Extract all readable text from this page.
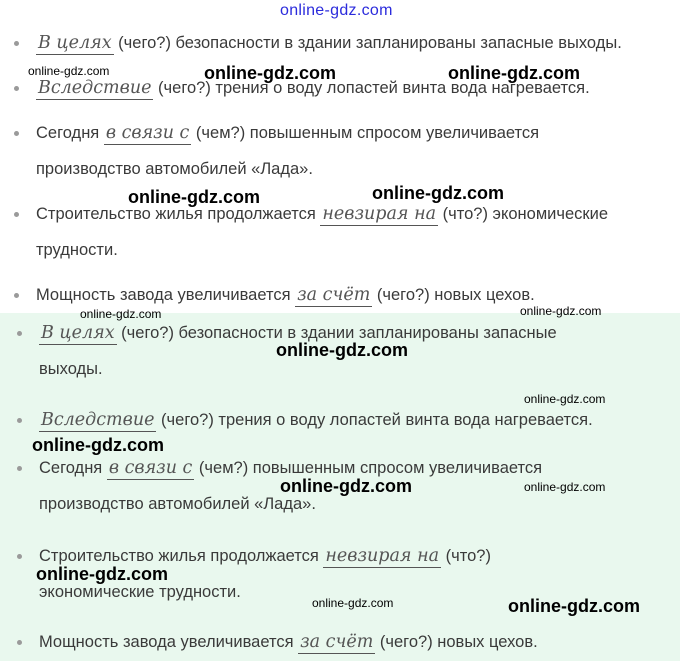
В целях (чего?) безопасности в здании запланированы запасные выходы.
Вследствие (чего?) трения о воду лопастей винта вода нагревается.
Сегодня в связи с (чем?) повышенным спросом увеличивается
производство автомобилей «Лада».
Строительство жилья продолжается невзирая на (что?) экономические
трудности.
Мощность завода увеличивается за счёт (чего?) новых цехов.
В целях (чего?) безопасности в здании запланированы запасные
выходы.
Вследствие (чего?) трения о воду лопастей винта вода нагревается.
Сегодня в связи с (чем?) повышенным спросом увеличивается
производство автомобилей «Лада».
Строительство жилья продолжается невзирая на (что?)
экономические трудности.
Мощность завода увеличивается за счёт (чего?) новых цехов.
online-gdz.com
online-gdz.com	online-gdz.com	online-gdz.com
online-gdz.com	online-gdz.com
online-gdz.com
online-gdz.com
online-gdz.com
online-gdz.com
online-gdz.com
online-gdz.com	online-gdz.com
online-gdz.com
online-gdz.com	online-gdz.com
